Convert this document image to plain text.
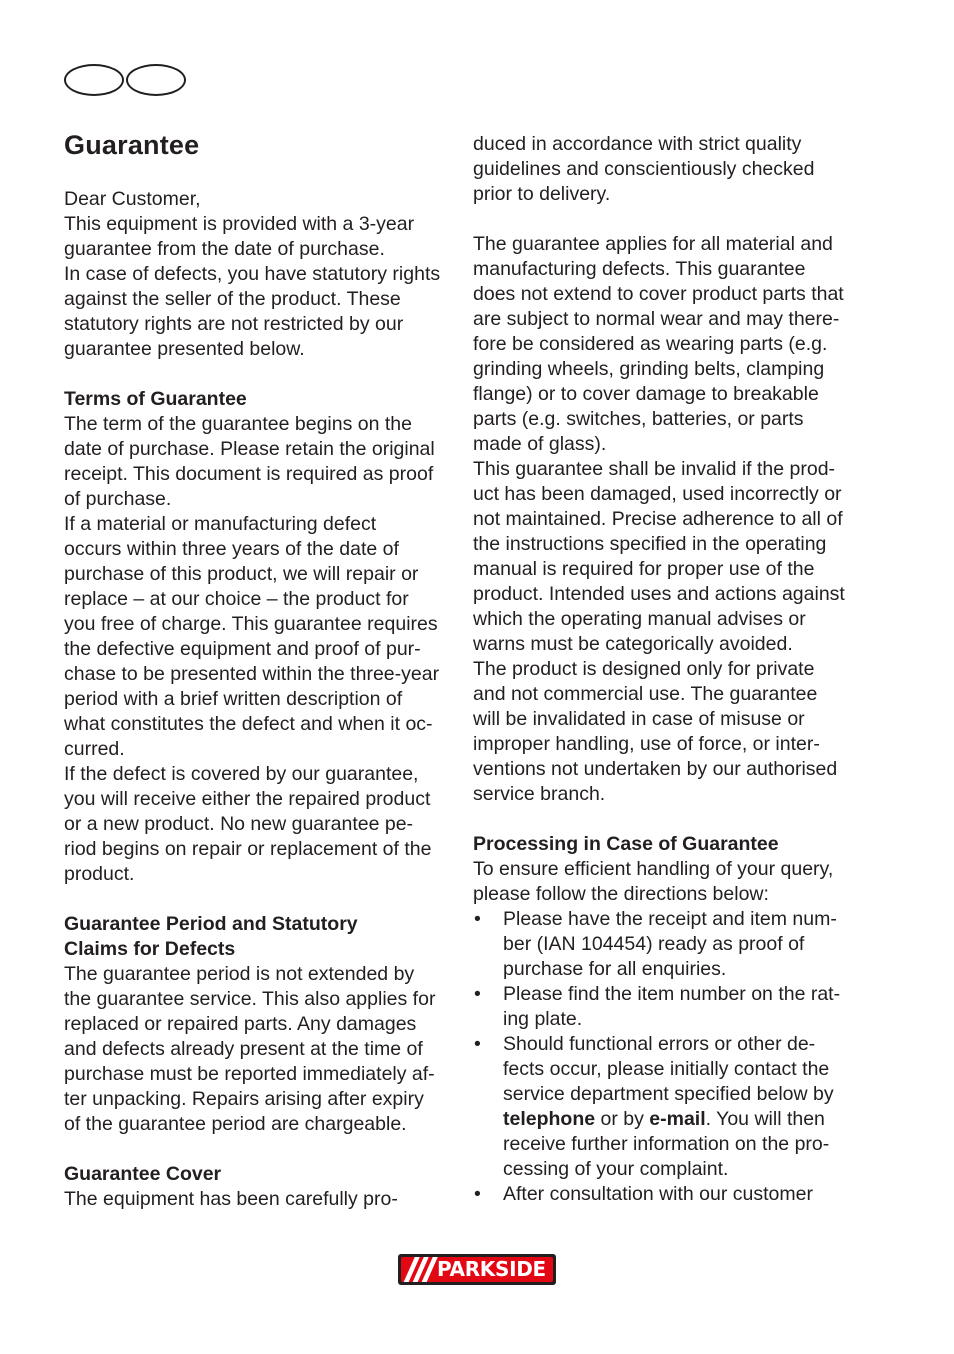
Guarantee

Dear Customer,
This equipment is provided with a 3-year
guarantee from the date of purchase.
In case of defects, you have statutory rights
against the seller of the product. These
statutory rights are not restricted by our
guarantee presented below.

Terms of Guarantee

The term of the guarantee begins on the
date of purchase. Please retain the original
receipt. This document is required as proof
of purchase.
If a material or manufacturing defect
occurs within three years of the date of
purchase of this product, we will repair or
replace – at our choice – the product for
you free of charge. This guarantee requires
the defective equipment and proof of pur-
chase to be presented within the three-year
period with a brief written description of
what constitutes the defect and when it oc-
curred.
If the defect is covered by our guarantee,
you will receive either the repaired product
or a new product. No new guarantee pe-
riod begins on repair or replacement of the
product.

Guarantee Period and Statutory
Claims for Defects

The guarantee period is not extended by
the guarantee service. This also applies for
replaced or repaired parts. Any damages
and defects already present at the time of
purchase must be reported immediately af-
ter unpacking. Repairs arising after expiry
of the guarantee period are chargeable.

Guarantee Cover

The equipment has been carefully pro-

duced in accordance with strict quality
guidelines and conscientiously checked
prior to delivery.

The guarantee applies for all material and
manufacturing defects. This guarantee
does not extend to cover product parts that
are subject to normal wear and may there-
fore be considered as wearing parts (e.g.
grinding wheels, grinding belts, clamping
flange) or to cover damage to breakable
parts (e.g. switches, batteries, or parts
made of glass).
This guarantee shall be invalid if the prod-
uct has been damaged, used incorrectly or
not maintained. Precise adherence to all of
the instructions specified in the operating
manual is required for proper use of the
product. Intended uses and actions against
which the operating manual advises or
warns must be categorically avoided.
The product is designed only for private
and not commercial use. The guarantee
will be invalidated in case of misuse or
improper handling, use of force, or inter-
ventions not undertaken by our authorised
service branch.

Processing in Case of Guarantee

To ensure efficient handling of your query,
please follow the directions below:

• Please have the receipt and item num-
ber (IAN 104454) ready as proof of
purchase for all enquiries.
• Please find the item number on the rat-
ing plate.
• Should functional errors or other de-
fects occur, please initially contact the
service department specified below by
telephone or by e-mail. You will then
receive further information on the pro-
cessing of your complaint.
• After consultation with our customer
PARKSIDE
